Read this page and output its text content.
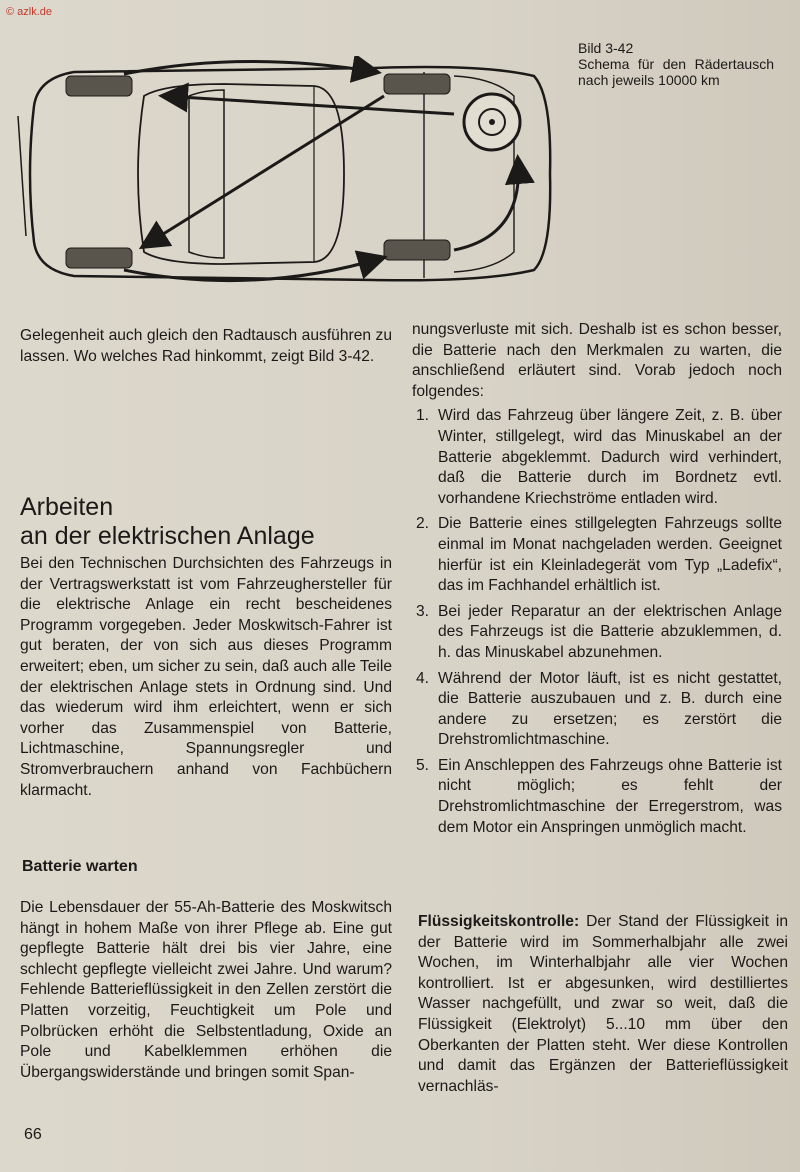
© azlk.de
Bild 3-42
Schema für den Rädertausch nach jeweils 10000 km

Gelegenheit auch gleich den Radtausch ausführen zu lassen. Wo welches Rad hinkommt, zeigt Bild 3-42.

Arbeiten
an der elektrischen Anlage

Bei den Technischen Durchsichten des Fahrzeugs in der Vertragswerkstatt ist vom Fahrzeughersteller für die elektrische Anlage ein recht bescheidenes Programm vorgegeben. Jeder Moskwitsch-Fahrer ist gut beraten, der von sich aus dieses Programm erweitert; eben, um sicher zu sein, daß auch alle Teile der elektrischen Anlage stets in Ordnung sind. Und das wiederum wird ihm erleichtert, wenn er sich vorher das Zusammenspiel von Batterie, Lichtmaschine, Spannungsregler und Stromverbrauchern anhand von Fachbüchern klarmacht.

Batterie warten

Die Lebensdauer der 55-Ah-Batterie des Moskwitsch hängt in hohem Maße von ihrer Pflege ab. Eine gut gepflegte Batterie hält drei bis vier Jahre, eine schlecht gepflegte vielleicht zwei Jahre. Und warum? Fehlende Batterieflüssigkeit in den Zellen zerstört die Platten vorzeitig, Feuchtigkeit um Pole und Polbrücken erhöht die Selbstentladung, Oxide an Pole und Kabelklemmen erhöhen die Übergangswiderstände und bringen somit Span-

nungsverluste mit sich. Deshalb ist es schon besser, die Batterie nach den Merkmalen zu warten, die anschließend erläutert sind. Vorab jedoch noch folgendes:

1. Wird das Fahrzeug über längere Zeit, z. B. über Winter, stillgelegt, wird das Minuskabel an der Batterie abgeklemmt. Dadurch wird verhindert, daß die Batterie durch im Bordnetz evtl. vorhandene Kriechströme entladen wird.
2. Die Batterie eines stillgelegten Fahrzeugs sollte einmal im Monat nachgeladen werden. Geeignet hierfür ist ein Kleinladegerät vom Typ „Ladefix“, das im Fachhandel erhältlich ist.
3. Bei jeder Reparatur an der elektrischen Anlage des Fahrzeugs ist die Batterie abzuklemmen, d. h. das Minuskabel abzunehmen.
4. Während der Motor läuft, ist es nicht gestattet, die Batterie auszubauen und z. B. durch eine andere zu ersetzen; es zerstört die Drehstromlichtmaschine.
5. Ein Anschleppen des Fahrzeugs ohne Batterie ist nicht möglich; es fehlt der Drehstromlichtmaschine der Erregerstrom, was dem Motor ein Anspringen unmöglich macht.

Flüssigkeitskontrolle: Der Stand der Flüssigkeit in der Batterie wird im Sommerhalbjahr alle zwei Wochen, im Winterhalbjahr alle vier Wochen kontrolliert. Ist er abgesunken, wird destilliertes Wasser nachgefüllt, und zwar so weit, daß die Flüssigkeit (Elektrolyt) 5...10 mm über den Oberkanten der Platten steht. Wer diese Kontrollen und damit das Ergänzen der Batterieflüssigkeit vernachläs-

66
